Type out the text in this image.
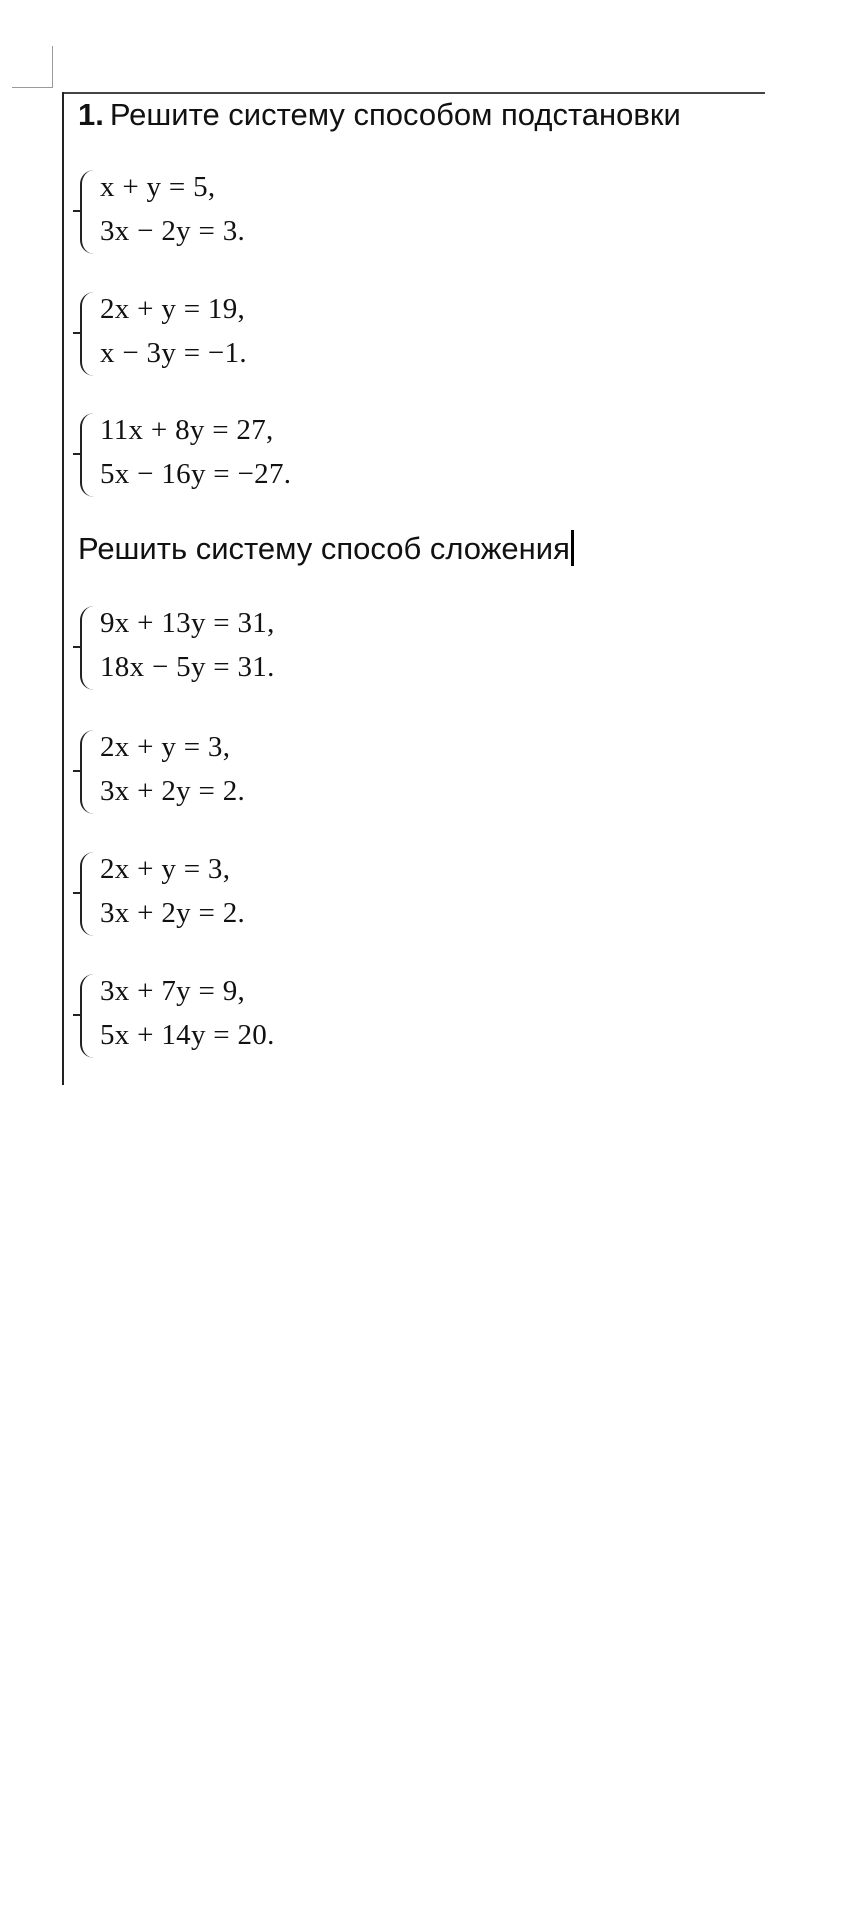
1. Решите систему способом подстановки
x + y = 5,
3x − 2y = 3.
2x + y = 19,
x − 3y = −1.
11x + 8y = 27,
5x − 16y = −27.
Решить систему способ сложения
9x + 13y = 31,
18x − 5y = 31.
2x + y = 3,
3x + 2y = 2.
2x + y = 3,
3x + 2y = 2.
3x + 7y = 9,
5x + 14y = 20.
